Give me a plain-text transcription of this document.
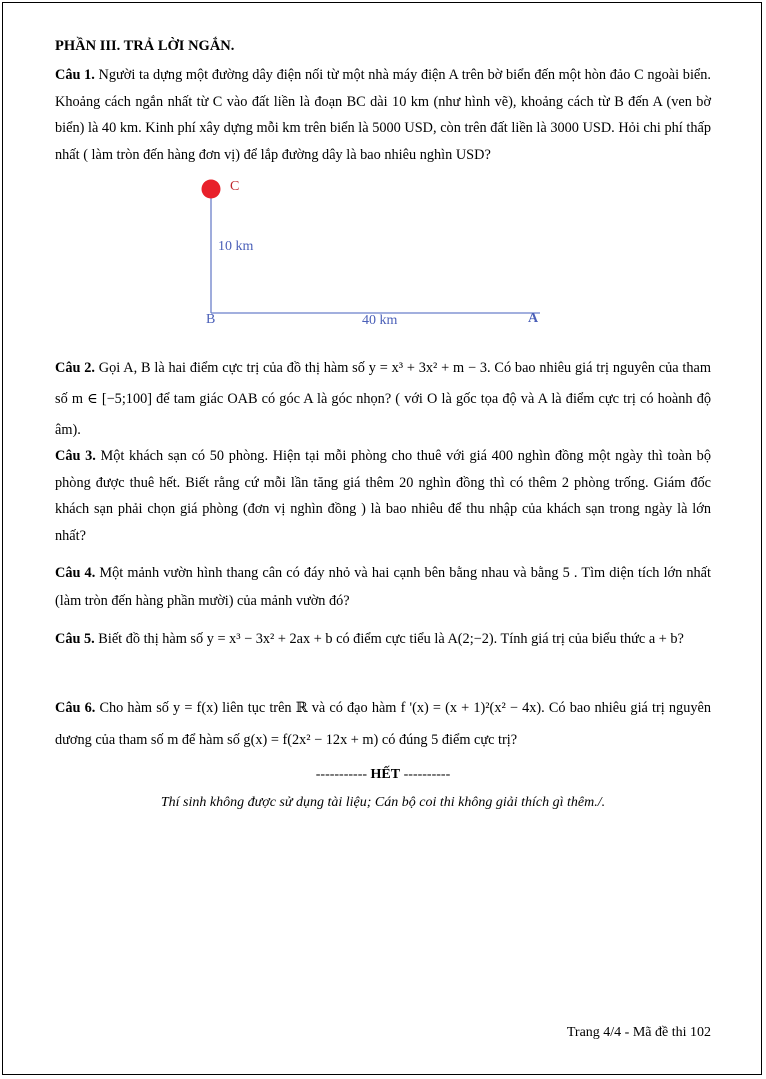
PHẦN III. TRẢ LỜI NGẮN.
Câu 1. Người ta dựng một đường dây điện nối từ một nhà máy điện A trên bờ biển đến một hòn đảo C ngoài biển. Khoảng cách ngắn nhất từ C vào đất liền là đoạn BC dài 10 km (như hình vẽ), khoảng cách từ B đến A (ven bờ biển) là 40 km. Kinh phí xây dựng mỗi km trên biển là 5000 USD, còn trên đất liền là 3000 USD. Hỏi chi phí thấp nhất ( làm tròn đến hàng đơn vị) để lắp đường dây là bao nhiêu nghìn USD?
C
10 km
B	40 km	A
Câu 2. Gọi A, B là hai điểm cực trị của đồ thị hàm số y = x³ + 3x² + m − 3. Có bao nhiêu giá trị nguyên của tham số m ∈ [−5;100] để tam giác OAB có góc A là góc nhọn? ( với O là gốc tọa độ và A là điểm cực trị có hoành độ âm).
Câu 3. Một khách sạn có 50 phòng. Hiện tại mỗi phòng cho thuê với giá 400 nghìn đồng một ngày thì toàn bộ phòng được thuê hết. Biết rằng cứ mỗi lần tăng giá thêm 20 nghìn đồng thì có thêm 2 phòng trống. Giám đốc khách sạn phải chọn giá phòng (đơn vị nghìn đồng ) là bao nhiêu để thu nhập của khách sạn trong ngày là lớn nhất?
Câu 4. Một mảnh vườn hình thang cân có đáy nhỏ và hai cạnh bên bằng nhau và bằng 5 . Tìm diện tích lớn nhất (làm tròn đến hàng phần mười) của mảnh vườn đó?
Câu 5. Biết đồ thị hàm số y = x³ − 3x² + 2ax + b có điểm cực tiểu là A(2;−2). Tính giá trị của biểu thức a + b?
Câu 6. Cho hàm số y = f(x) liên tục trên ℝ và có đạo hàm f '(x) = (x + 1)²(x² − 4x). Có bao nhiêu giá trị nguyên dương của tham số m để hàm số g(x) = f(2x² − 12x + m) có đúng 5 điểm cực trị?
----------- HẾT ----------
Thí sinh không được sử dụng tài liệu; Cán bộ coi thi không giải thích gì thêm./.
Trang 4/4 - Mã đề thi 102
